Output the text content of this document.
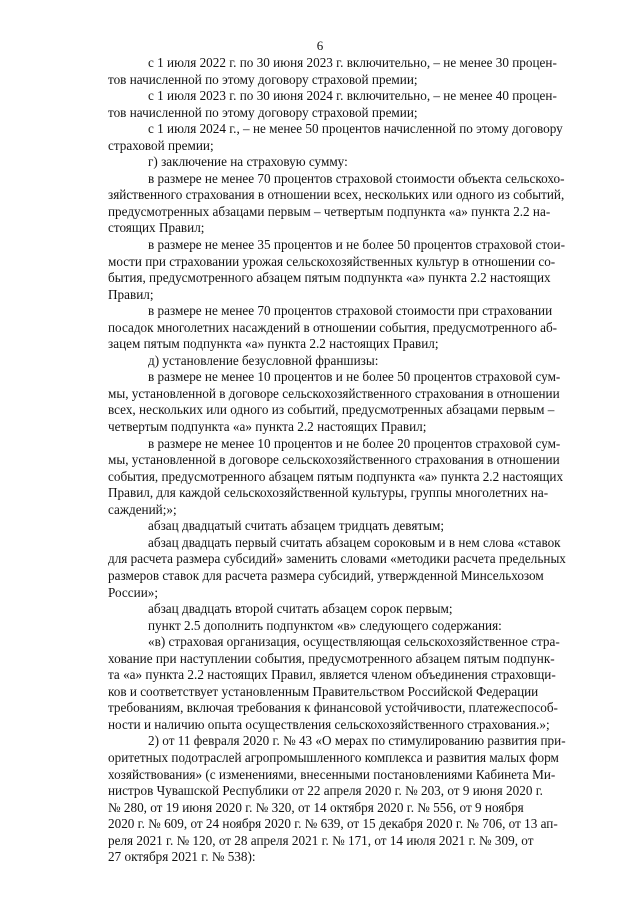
6
с 1 июля 2022 г. по 30 июня 2023 г. включительно, – не менее 30 процен-
тов начисленной по этому договору страховой премии;
с 1 июля 2023 г. по 30 июня 2024 г. включительно, – не менее 40 процен-
тов начисленной по этому договору страховой премии;
с 1 июля 2024 г., – не менее 50 процентов начисленной по этому договору
страховой премии;
г) заключение на страховую сумму:
в размере не менее 70 процентов страховой стоимости объекта сельскохо-
зяйственного страхования в отношении всех, нескольких или одного из событий,
предусмотренных абзацами первым – четвертым подпункта «а» пункта 2.2 на-
стоящих Правил;
в размере не менее 35 процентов и не более 50 процентов страховой стои-
мости при страховании урожая сельскохозяйственных культур в отношении со-
бытия, предусмотренного абзацем пятым подпункта «а» пункта 2.2 настоящих
Правил;
в размере не менее 70 процентов страховой стоимости при страховании
посадок многолетних насаждений в отношении события, предусмотренного аб-
зацем пятым подпункта «а» пункта 2.2 настоящих Правил;
д) установление безусловной франшизы:
в размере не менее 10 процентов и не более 50 процентов страховой сум-
мы, установленной в договоре сельскохозяйственного страхования в отношении
всех, нескольких или одного из событий, предусмотренных абзацами первым –
четвертым подпункта «а» пункта 2.2 настоящих Правил;
в размере не менее 10 процентов и не более 20 процентов страховой сум-
мы, установленной в договоре сельскохозяйственного страхования в отношении
события, предусмотренного абзацем пятым подпункта «а» пункта 2.2 настоящих
Правил, для каждой сельскохозяйственной культуры, группы многолетних на-
саждений;»;
абзац двадцатый считать абзацем тридцать девятым;
абзац двадцать первый считать абзацем сороковым и в нем слова «ставок
для расчета размера субсидий» заменить словами «методики расчета предельных
размеров ставок для расчета размера субсидий, утвержденной Минсельхозом
России»;
абзац двадцать второй считать абзацем сорок первым;
пункт 2.5 дополнить подпунктом «в» следующего содержания:
«в) страховая организация, осуществляющая сельскохозяйственное стра-
хование при наступлении события, предусмотренного абзацем пятым подпунк-
та «а» пункта 2.2 настоящих Правил, является членом объединения страховщи-
ков и соответствует установленным Правительством Российской Федерации
требованиям, включая требования к финансовой устойчивости, платежеспособ-
ности и наличию опыта осуществления сельскохозяйственного страхования.»;
2) от 11 февраля 2020 г. № 43 «О мерах по стимулированию развития при-
оритетных подотраслей агропромышленного комплекса и развития малых форм
хозяйствования» (с изменениями, внесенными постановлениями Кабинета Ми-
нистров Чувашской Республики от 22 апреля 2020 г. № 203, от 9 июня 2020 г.
№ 280, от 19 июня 2020 г. № 320, от 14 октября 2020 г. № 556, от 9 ноября
2020 г. № 609, от 24 ноября 2020 г. № 639, от 15 декабря 2020 г. № 706, от 13 ап-
реля 2021 г. № 120, от 28 апреля 2021 г. № 171, от 14 июля 2021 г. № 309, от
27 октября 2021 г. № 538):
